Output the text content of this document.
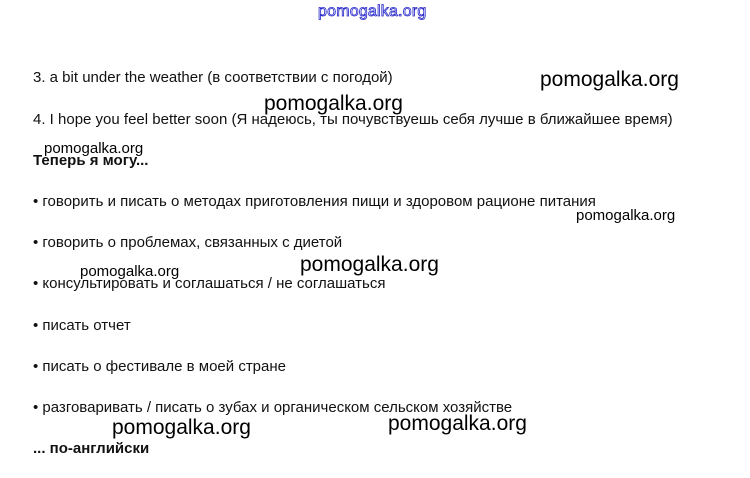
pomogalka.org
3. a bit under the weather (в соответствии с погодой)
4. I hope you feel better soon (Я надеюсь, ты почувствуешь себя лучше в ближайшее время)
Теперь я могу...
• говорить и писать о методах приготовления пищи и здоровом рационе питания
• говорить о проблемах, связанных с диетой
• консультировать и соглашаться / не соглашаться
• писать отчет
• писать о фестивале в моей стране
• разговаривать / писать о зубах и органическом сельском хозяйстве
... по-английски
pomogalka.org
pomogalka.org
pomogalka.org
pomogalka.org
pomogalka.org
pomogalka.org
pomogalka.org	pomogalka.org
